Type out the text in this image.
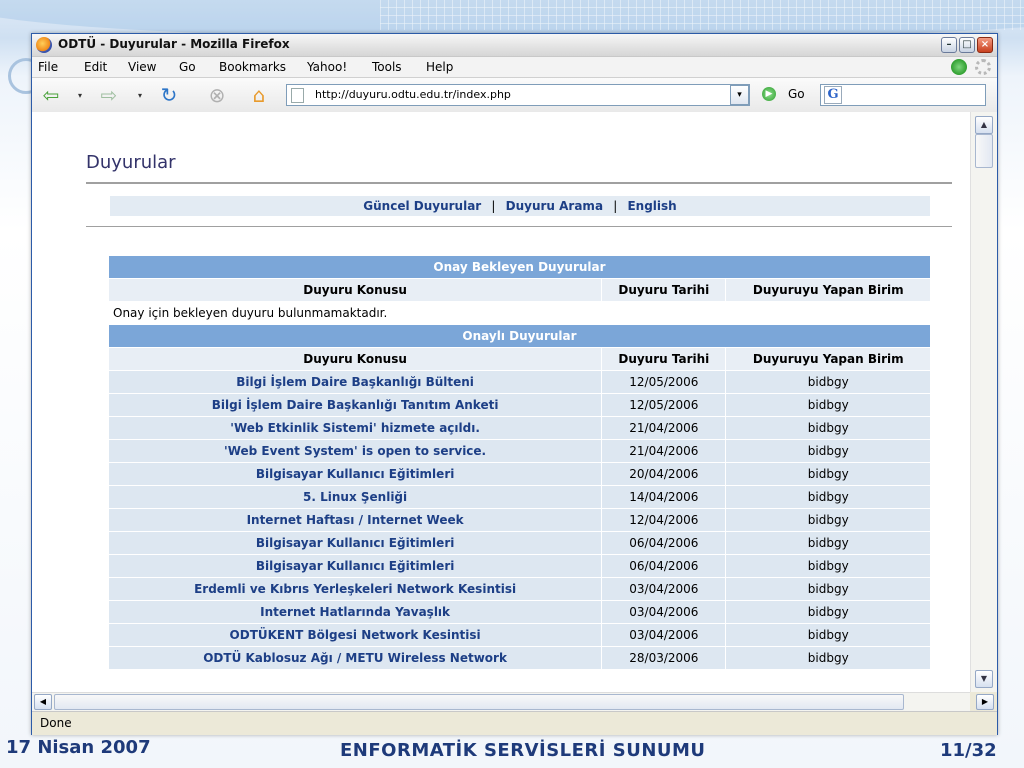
ODTÜ - Duyurular - Mozilla Firefox	–	□ ×
File Edit View Go Bookmarks Yahoo! Tools Help
⇦	▾ ⇨	▾ ↻ ⊗	⌂	http://duyuru.odtu.edu.tr/index.php	▾	▶ Go G
Duyurular
Güncel Duyurular | Duyuru Arama | English
Onay Bekleyen Duyurular		
Duyuru Konusu	Duyuru Tarihi	Duyuruyu Yapan Birim
Onay için bekleyen duyuru bulunmamaktadır.		
Onaylı Duyurular		
Duyuru Konusu	Duyuru Tarihi	Duyuruyu Yapan Birim
Bilgi İşlem Daire Başkanlığı Bülteni	12/05/2006	bidbgy
Bilgi İşlem Daire Başkanlığı Tanıtım Anketi	12/05/2006	bidbgy
'Web Etkinlik Sistemi' hizmete açıldı.	21/04/2006	bidbgy
'Web Event System' is open to service.	21/04/2006	bidbgy
Bilgisayar Kullanıcı Eğitimleri	20/04/2006	bidbgy
5. Linux Şenliği	14/04/2006	bidbgy
Internet Haftası / Internet Week	12/04/2006	bidbgy
Bilgisayar Kullanıcı Eğitimleri	06/04/2006	bidbgy
Bilgisayar Kullanıcı Eğitimleri	06/04/2006	bidbgy
Erdemli ve Kıbrıs Yerleşkeleri Network Kesintisi	03/04/2006	bidbgy
Internet Hatlarında Yavaşlık	03/04/2006	bidbgy
ODTÜKENT Bölgesi Network Kesintisi	03/04/2006	bidbgy
ODTÜ Kablosuz Ağı / METU Wireless Network	28/03/2006	bidbgy
▲
▼
◀	▶
Done
17 Nisan 2007	ENFORMATİK SERVİSLERİ SUNUMU	11/32
